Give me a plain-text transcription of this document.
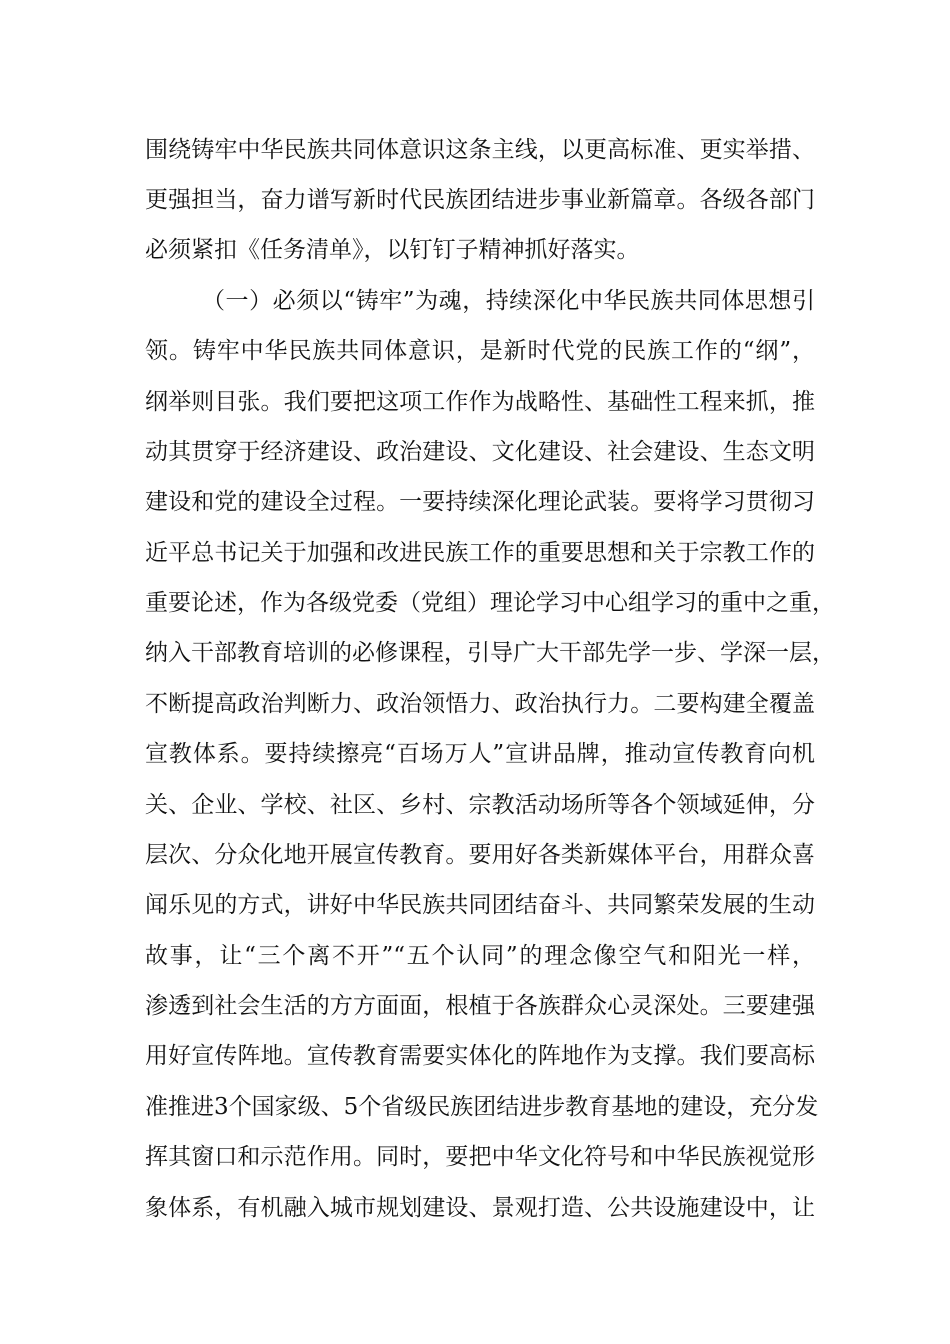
围绕铸牢中华民族共同体意识这条主线，以更高标准、更实举措、
更强担当，奋力谱写新时代民族团结进步事业新篇章。各级各部门
必须紧扣《任务清单》，以钉钉子精神抓好落实。
（一）必须以“铸牢”为魂，持续深化中华民族共同体思想引
领。铸牢中华民族共同体意识，是新时代党的民族工作的“纲”，
纲举则目张。我们要把这项工作作为战略性、基础性工程来抓，推
动其贯穿于经济建设、政治建设、文化建设、社会建设、生态文明
建设和党的建设全过程。一要持续深化理论武装。要将学习贯彻习
近平总书记关于加强和改进民族工作的重要思想和关于宗教工作的
重要论述，作为各级党委（党组）理论学习中心组学习的重中之重，
纳入干部教育培训的必修课程，引导广大干部先学一步、学深一层，
不断提高政治判断力、政治领悟力、政治执行力。二要构建全覆盖
宣教体系。要持续擦亮“百场万人”宣讲品牌，推动宣传教育向机
关、企业、学校、社区、乡村、宗教活动场所等各个领域延伸，分
层次、分众化地开展宣传教育。要用好各类新媒体平台，用群众喜
闻乐见的方式，讲好中华民族共同团结奋斗、共同繁荣发展的生动
故事，让“三个离不开”“五个认同”的理念像空气和阳光一样，
渗透到社会生活的方方面面，根植于各族群众心灵深处。三要建强
用好宣传阵地。宣传教育需要实体化的阵地作为支撑。我们要高标
准推进3个国家级、5个省级民族团结进步教育基地的建设，充分发
挥其窗口和示范作用。同时，要把中华文化符号和中华民族视觉形
象体系，有机融入城市规划建设、景观打造、公共设施建设中，让
